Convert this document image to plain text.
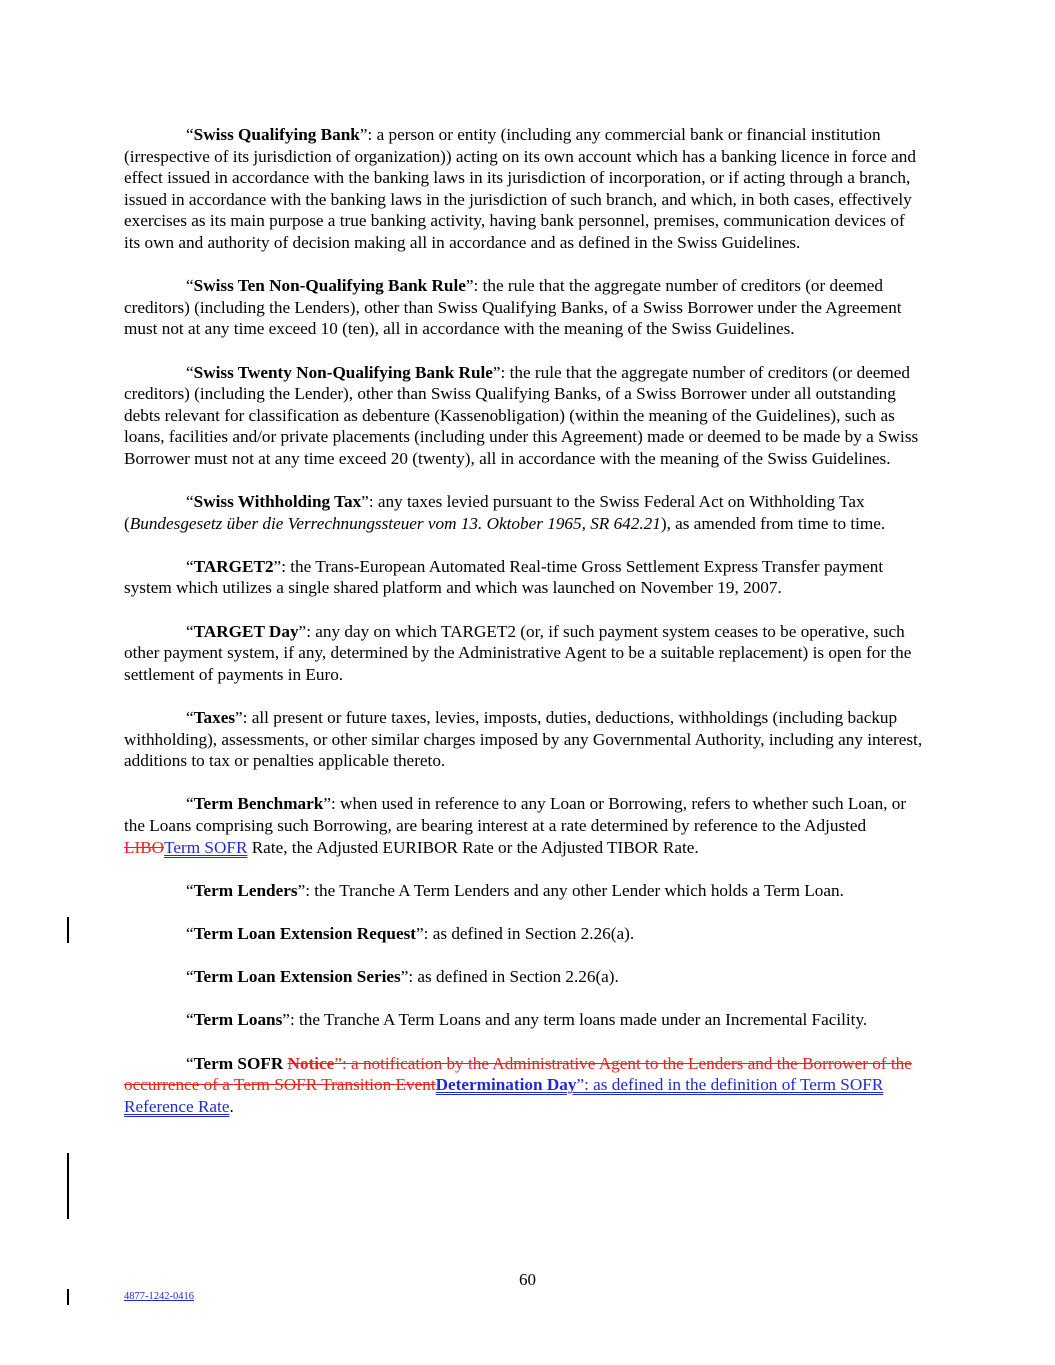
“Swiss Qualifying Bank”: a person or entity (including any commercial bank or financial institution (irrespective of its jurisdiction of organization)) acting on its own account which has a banking licence in force and effect issued in accordance with the banking laws in its jurisdiction of incorporation, or if acting through a branch, issued in accordance with the banking laws in the jurisdiction of such branch, and which, in both cases, effectively exercises as its main purpose a true banking activity, having bank personnel, premises, communication devices of its own and authority of decision making all in accordance and as defined in the Swiss Guidelines.

“Swiss Ten Non-Qualifying Bank Rule”: the rule that the aggregate number of creditors (or deemed creditors) (including the Lenders), other than Swiss Qualifying Banks, of a Swiss Borrower under the Agreement must not at any time exceed 10 (ten), all in accordance with the meaning of the Swiss Guidelines.

“Swiss Twenty Non-Qualifying Bank Rule”: the rule that the aggregate number of creditors (or deemed creditors) (including the Lender), other than Swiss Qualifying Banks, of a Swiss Borrower under all outstanding debts relevant for classification as debenture (Kassenobligation) (within the meaning of the Guidelines), such as loans, facilities and/or private placements (including under this Agreement) made or deemed to be made by a Swiss Borrower must not at any time exceed 20 (twenty), all in accordance with the meaning of the Swiss Guidelines.

“Swiss Withholding Tax”: any taxes levied pursuant to the Swiss Federal Act on Withholding Tax (Bundesgesetz über die Verrechnungssteuer vom 13. Oktober 1965, SR 642.21), as amended from time to time.

“TARGET2”: the Trans-European Automated Real-time Gross Settlement Express Transfer payment system which utilizes a single shared platform and which was launched on November 19, 2007.

“TARGET Day”: any day on which TARGET2 (or, if such payment system ceases to be operative, such other payment system, if any, determined by the Administrative Agent to be a suitable replacement) is open for the settlement of payments in Euro.

“Taxes”: all present or future taxes, levies, imposts, duties, deductions, withholdings (including backup withholding), assessments, or other similar charges imposed by any Governmental Authority, including any interest, additions to tax or penalties applicable thereto.

“Term Benchmark”: when used in reference to any Loan or Borrowing, refers to whether such Loan, or the Loans comprising such Borrowing, are bearing interest at a rate determined by reference to the Adjusted LIBOTerm SOFR Rate, the Adjusted EURIBOR Rate or the Adjusted TIBOR Rate.

“Term Lenders”: the Tranche A Term Lenders and any other Lender which holds a Term Loan.

“Term Loan Extension Request”: as defined in Section 2.26(a).

“Term Loan Extension Series”: as defined in Section 2.26(a).

“Term Loans”: the Tranche A Term Loans and any term loans made under an Incremental Facility.

“Term SOFR Notice”: a notification by the Administrative Agent to the Lenders and the Borrower of the occurrence of a Term SOFR Transition EventDetermination Day”: as defined in the definition of Term SOFR Reference Rate.

60
4877-1242-0416
